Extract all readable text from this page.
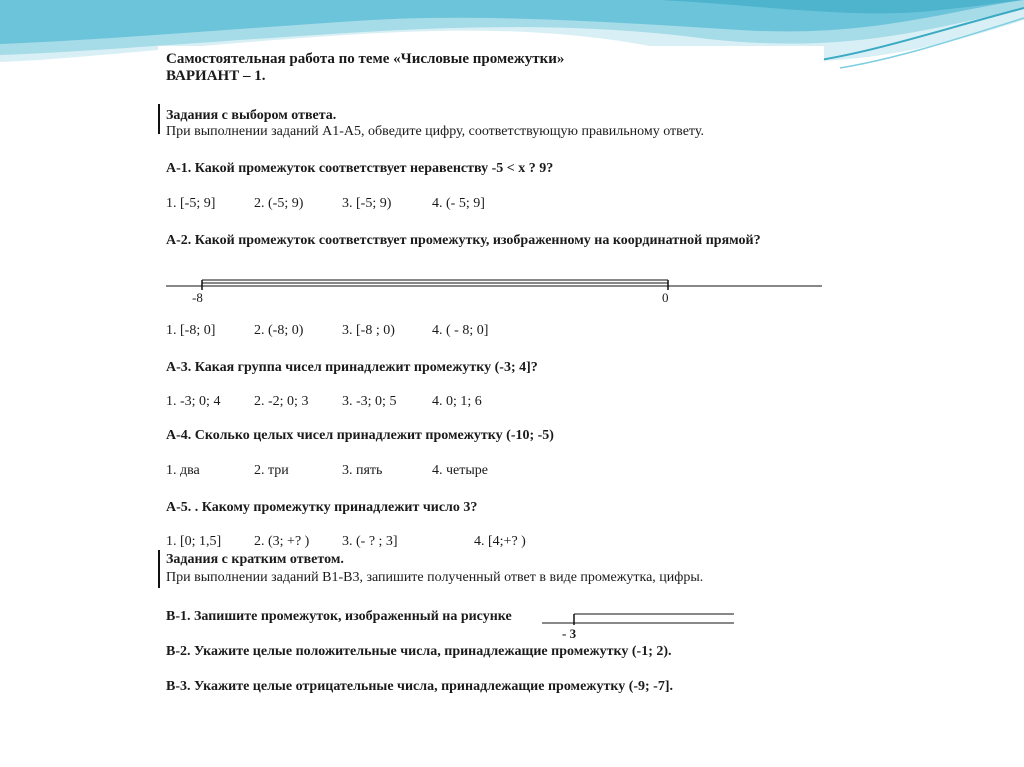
Самостоятельная работа по теме «Числовые промежутки»
ВАРИАНТ – 1.
Задания с выбором ответа.
При выполнении заданий А1-А5, обведите цифру, соответствующую правильному ответу.
А-1. Какой промежуток соответствует неравенству -5 < x ? 9?
1. [-5; 9]	2. (-5; 9)	3. [-5; 9)	4. (- 5; 9]
А-2. Какой промежуток соответствует промежутку, изображенному на координатной прямой?
-8	0
1. [-8; 0]	2. (-8; 0)	3. [-8 ; 0)	4. ( - 8; 0]
А-3. Какая группа чисел принадлежит промежутку (-3; 4]?
1. -3; 0; 4 2. -2; 0; 3 3. -3; 0; 5	4. 0; 1; 6
А-4. Сколько целых чисел принадлежит промежутку (-10; -5)
1. два	2. три	3. пять	4. четыре
А-5. . Какому промежутку принадлежит число 3?
1. [0; 1,5] 2. (3; +? ) 3. (- ? ; 3]	4. [4;+? )
Задания с кратким ответом.
При выполнении заданий В1-В3, запишите полученный ответ в виде промежутка, цифры.
В-1. Запишите промежуток, изображенный на рисунке
- 3
В-2. Укажите целые положительные числа, принадлежащие промежутку (-1; 2).
В-3. Укажите целые отрицательные числа, принадлежащие промежутку (-9; -7].
